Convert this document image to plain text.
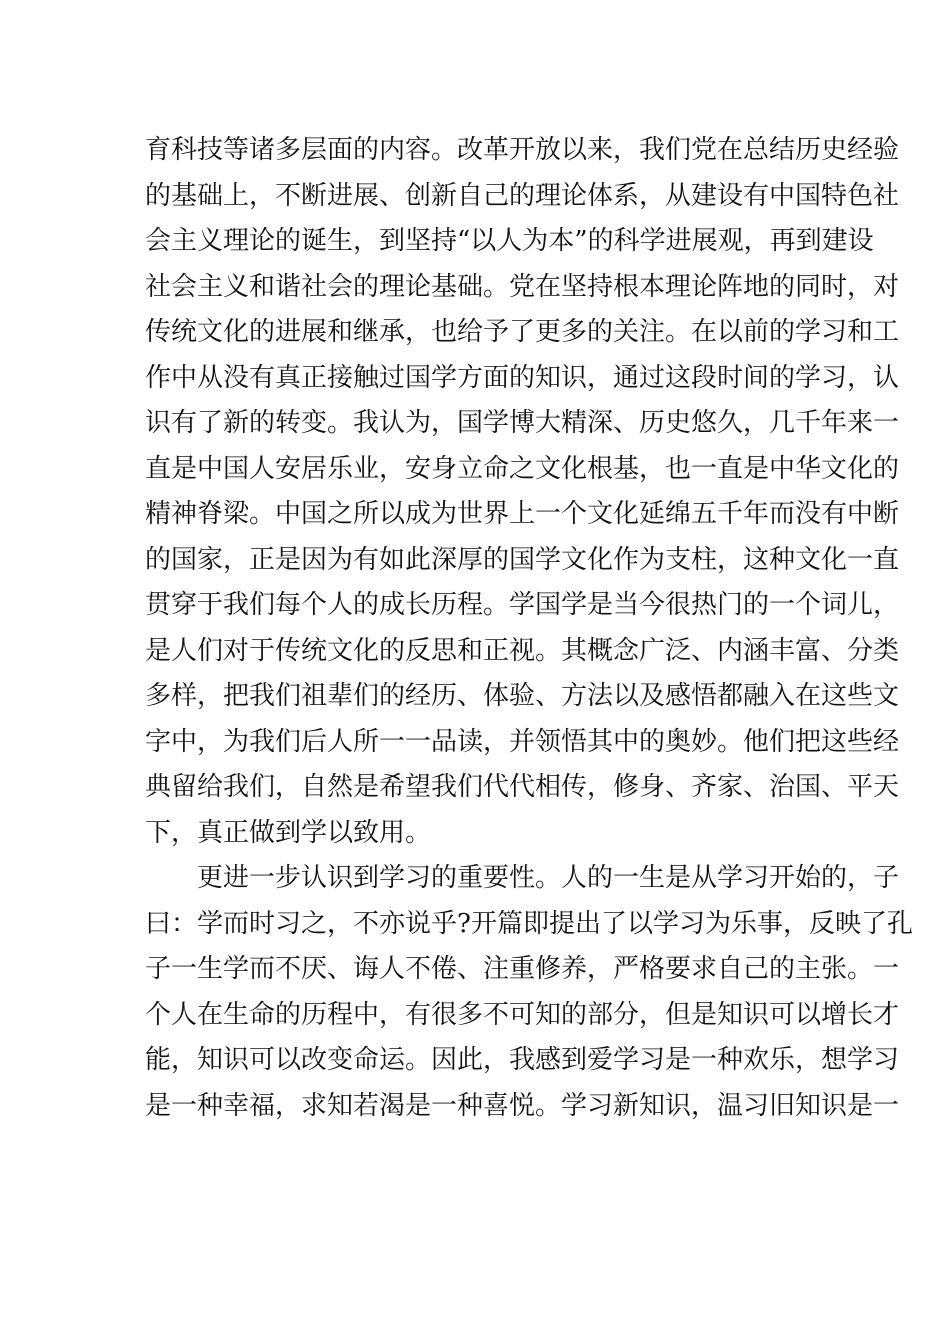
育科技等诸多层面的内容。改革开放以来，我们党在总结历史经验
的基础上，不断进展、创新自己的理论体系，从建设有中国特色社
会主义理论的诞生，到坚持“以人为本”的科学进展观，再到建设
社会主义和谐社会的理论基础。党在坚持根本理论阵地的同时，对
传统文化的进展和继承，也给予了更多的关注。在以前的学习和工
作中从没有真正接触过国学方面的知识，通过这段时间的学习，认
识有了新的转变。我认为，国学博大精深、历史悠久，几千年来一
直是中国人安居乐业，安身立命之文化根基，也一直是中华文化的
精神脊梁。中国之所以成为世界上一个文化延绵五千年而没有中断
的国家，正是因为有如此深厚的国学文化作为支柱，这种文化一直
贯穿于我们每个人的成长历程。学国学是当今很热门的一个词儿，
是人们对于传统文化的反思和正视。其概念广泛、内涵丰富、分类
多样，把我们祖辈们的经历、体验、方法以及感悟都融入在这些文
字中，为我们后人所一一品读，并领悟其中的奥妙。他们把这些经
典留给我们，自然是希望我们代代相传，修身、齐家、治国、平天
下，真正做到学以致用。
更进一步认识到学习的重要性。人的一生是从学习开始的，子
曰：学而时习之，不亦说乎?开篇即提出了以学习为乐事，反映了孔
子一生学而不厌、诲人不倦、注重修养，严格要求自己的主张。一
个人在生命的历程中，有很多不可知的部分，但是知识可以增长才
能，知识可以改变命运。因此，我感到爱学习是一种欢乐，想学习
是一种幸福，求知若渴是一种喜悦。学习新知识，温习旧知识是一
